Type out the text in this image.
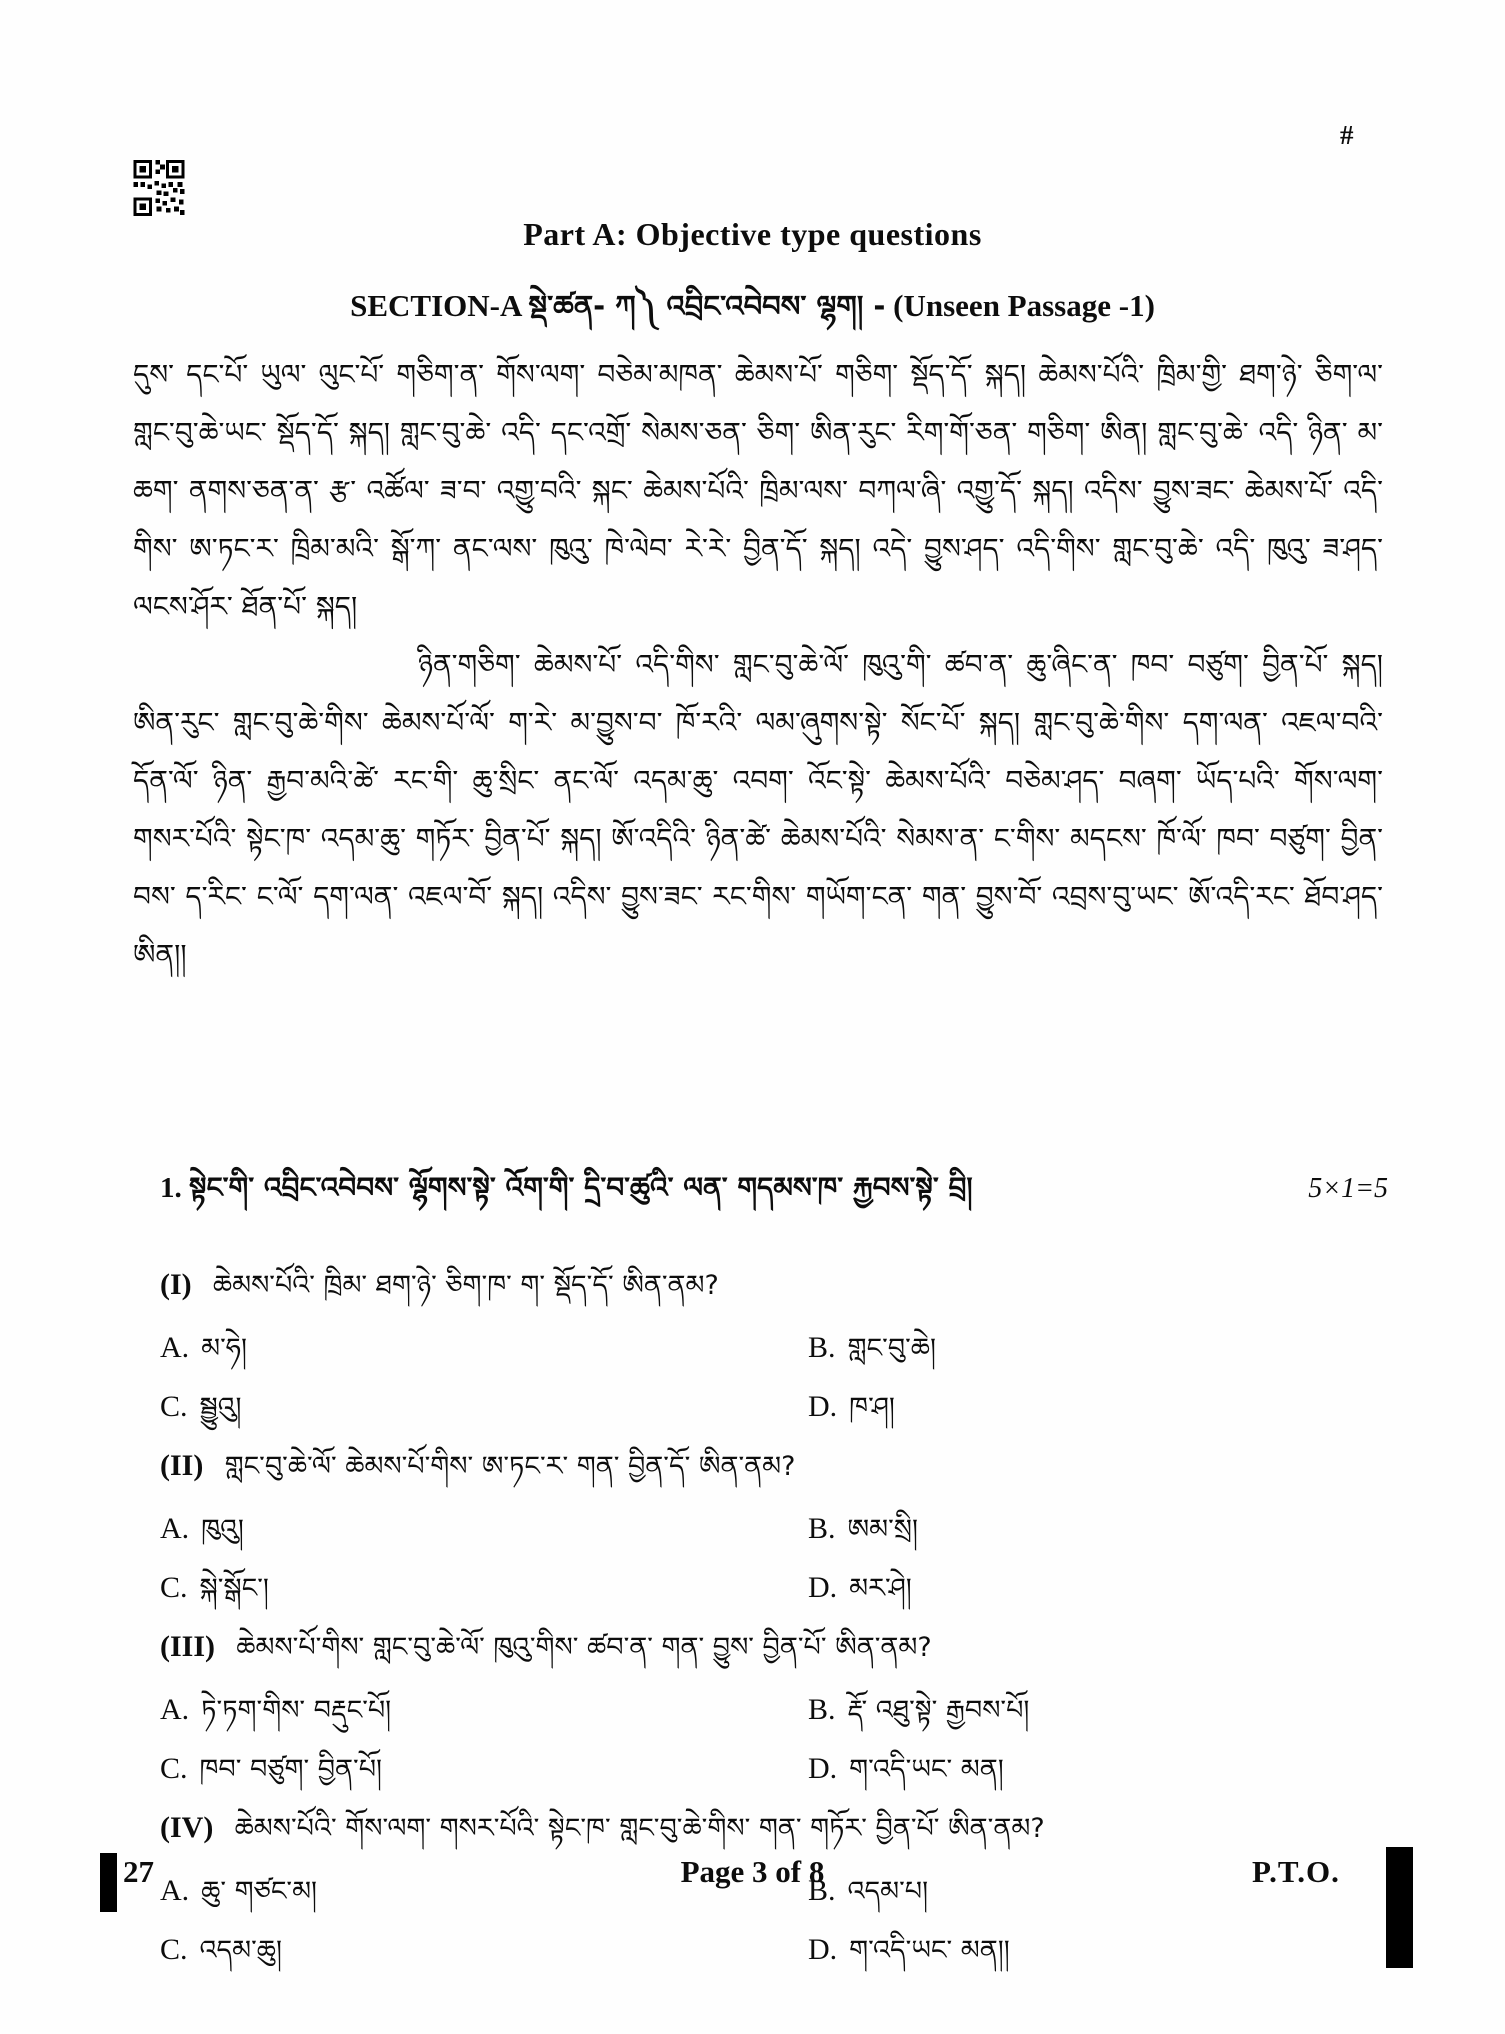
#
Part A: Objective type questions
SECTION-A སྡེ་ཚན- ཀ༽ འབྲིང་འབེབས་ ལྷག། - (Unseen Passage -1)

དུས་ དང་པོ་ ཡུལ་ ལུང་པོ་ གཅིག་ན་ གོས་ལག་ བཅེམ་མཁན་ ཆེམས་པོ་ གཅིག་ སྡོད་དོ་ སྐད། ཆེམས་པོའི་ ཁྲིམ་གྱི་ ཐག་ཉེ་ ཅིག་ལ་ གླང་བུ་ཆེ་ཡང་ སྡོད་དོ་ སྐད། གླང་བུ་ཆེ་ འདི་ དང་འགྲོ་ སེམས་ཅན་ ཅིག་ ཨིན་རུང་ རིག་གོ་ཅན་ གཅིག་ ཨིན། གླང་བུ་ཆེ་ འདི་ ཉིན་ མ་ཆག་ ནགས་ཅན་ན་ རྩ་ འཚོལ་ ཟ་བ་ འགྱུ་བའི་ སྐང་ ཆེམས་པོའི་ ཁྲིམ་ལས་ བཀལ་ཞི་ འགྱུ་དོ་ སྐད། འདིས་ བྱུས་ཟང་ ཆེམས་པོ་ འདི་གིས་ ཨ་ཏང་ར་ ཁྲིམ་མའི་ སྒོ་ཀ་ ནང་ལས་ ཁུའུ་ ཁེ་ལེབ་ རེ་རེ་ བྱིན་དོ་ སྐད། འདེ་ བྱུས་ཤད་ འདི་གིས་ གླང་བུ་ཆེ་ འདི་ ཁུའུ་ ཟ་ཤད་ ལངས་ཤོར་ ཐོན་པོ་ སྐད།

ཉིན་གཅིག་ ཆེམས་པོ་ འདི་གིས་ གླང་བུ་ཆེ་ལོ་ ཁུའུ་གི་ ཚབ་ན་ ཆུ་ཞིང་ན་ ཁབ་ བཙུག་ བྱིན་པོ་ སྐད། ཨིན་རུང་ གླང་བུ་ཆེ་གིས་ ཆེམས་པོ་ལོ་ ག་རེ་ མ་བྱུས་བ་ ཁོ་རའི་ ལམ་ཞུགས་སྟེ་ སོང་པོ་ སྐད། གླང་བུ་ཆེ་གིས་ དག་ལན་ འཇལ་བའི་ དོན་ལོ་ ཉིན་ རྒྱབ་མའི་ཚེ་ རང་གི་ ཆུ་སྲིང་ ནང་ལོ་ འདམ་ཆུ་ འབག་ འོང་སྟེ་ ཆེམས་པོའི་ བཅེམ་ཤད་ བཞག་ ཡོད་པའི་ གོས་ལག་ གསར་པོའི་ སྟེང་ཁ་ འདམ་ཆུ་ གཏོར་ བྱིན་པོ་ སྐད། ཨོ་འདིའི་ ཉིན་ཚེ་ ཆེམས་པོའི་ སེམས་ན་ ང་གིས་ མདངས་ ཁོ་ལོ་ ཁབ་ བཙུག་ བྱིན་བས་ ད་རིང་ ང་ལོ་ དག་ལན་ འཇལ་བོ་ སྐད། འདིས་ བྱུས་ཟང་ རང་གིས་ གཡོག་ངན་ གན་ བྱུས་བོ་ འབྲས་བུ་ཡང་ ཨོ་འདི་རང་ ཐོབ་ཤད་ ཨིན།།

1. སྟེང་གི་ འབྲིང་འབེབས་ ལྷོགས་སྟེ་ འོག་གི་ དྲི་བ་ཚུའི་ ལན་ གདམས་ཁ་ རྐྱབས་སྟེ་ བྲི།	5×1=5
(I) ཆེམས་པོའི་ ཁྲིམ་ ཐག་ཉེ་ ཅིག་ཁ་ ག་ སྡོད་དོ་ ཨིན་ནམ?
A. མ་ཧེ།	B. གླང་བུ་ཆེ།
C. སྦྱུའུ།	D. ཁ་ཤ།
(II) གླང་བུ་ཆེ་ལོ་ ཆེམས་པོ་གིས་ ཨ་ཏང་ར་ གན་ བྱིན་དོ་ ཨིན་ནམ?
A. ཁུའུ།	B. ཨམ་སྲི།
C. སྐེ་སྒོང་།	D. མར་ཤེ།
(III) ཆེམས་པོ་གིས་ གླང་བུ་ཆེ་ལོ་ ཁུའུ་གིས་ ཚབ་ན་ གན་ བྱུས་ བྱིན་པོ་ ཨིན་ནམ?
A. ཏེ་ཏག་གིས་ བརྡུང་པོ།	B. རྡོ་ འཐུ་སྟེ་ རྒྱབས་པོ།
C. ཁབ་ བཙུག་ བྱིན་པོ།	D. ག་འདི་ཡང་ མན།
(IV) ཆེམས་པོའི་ གོས་ལག་ གསར་པོའི་ སྟེང་ཁ་ གླང་བུ་ཆེ་གིས་ གན་ གཏོར་ བྱིན་པོ་ ཨིན་ནམ?
A. ཆུ་ གཙང་མ།	B. འདམ་པ།
C. འདམ་ཆུ།	D. ག་འདི་ཡང་ མན།།
27	Page 3 of 8	P.T.O.
